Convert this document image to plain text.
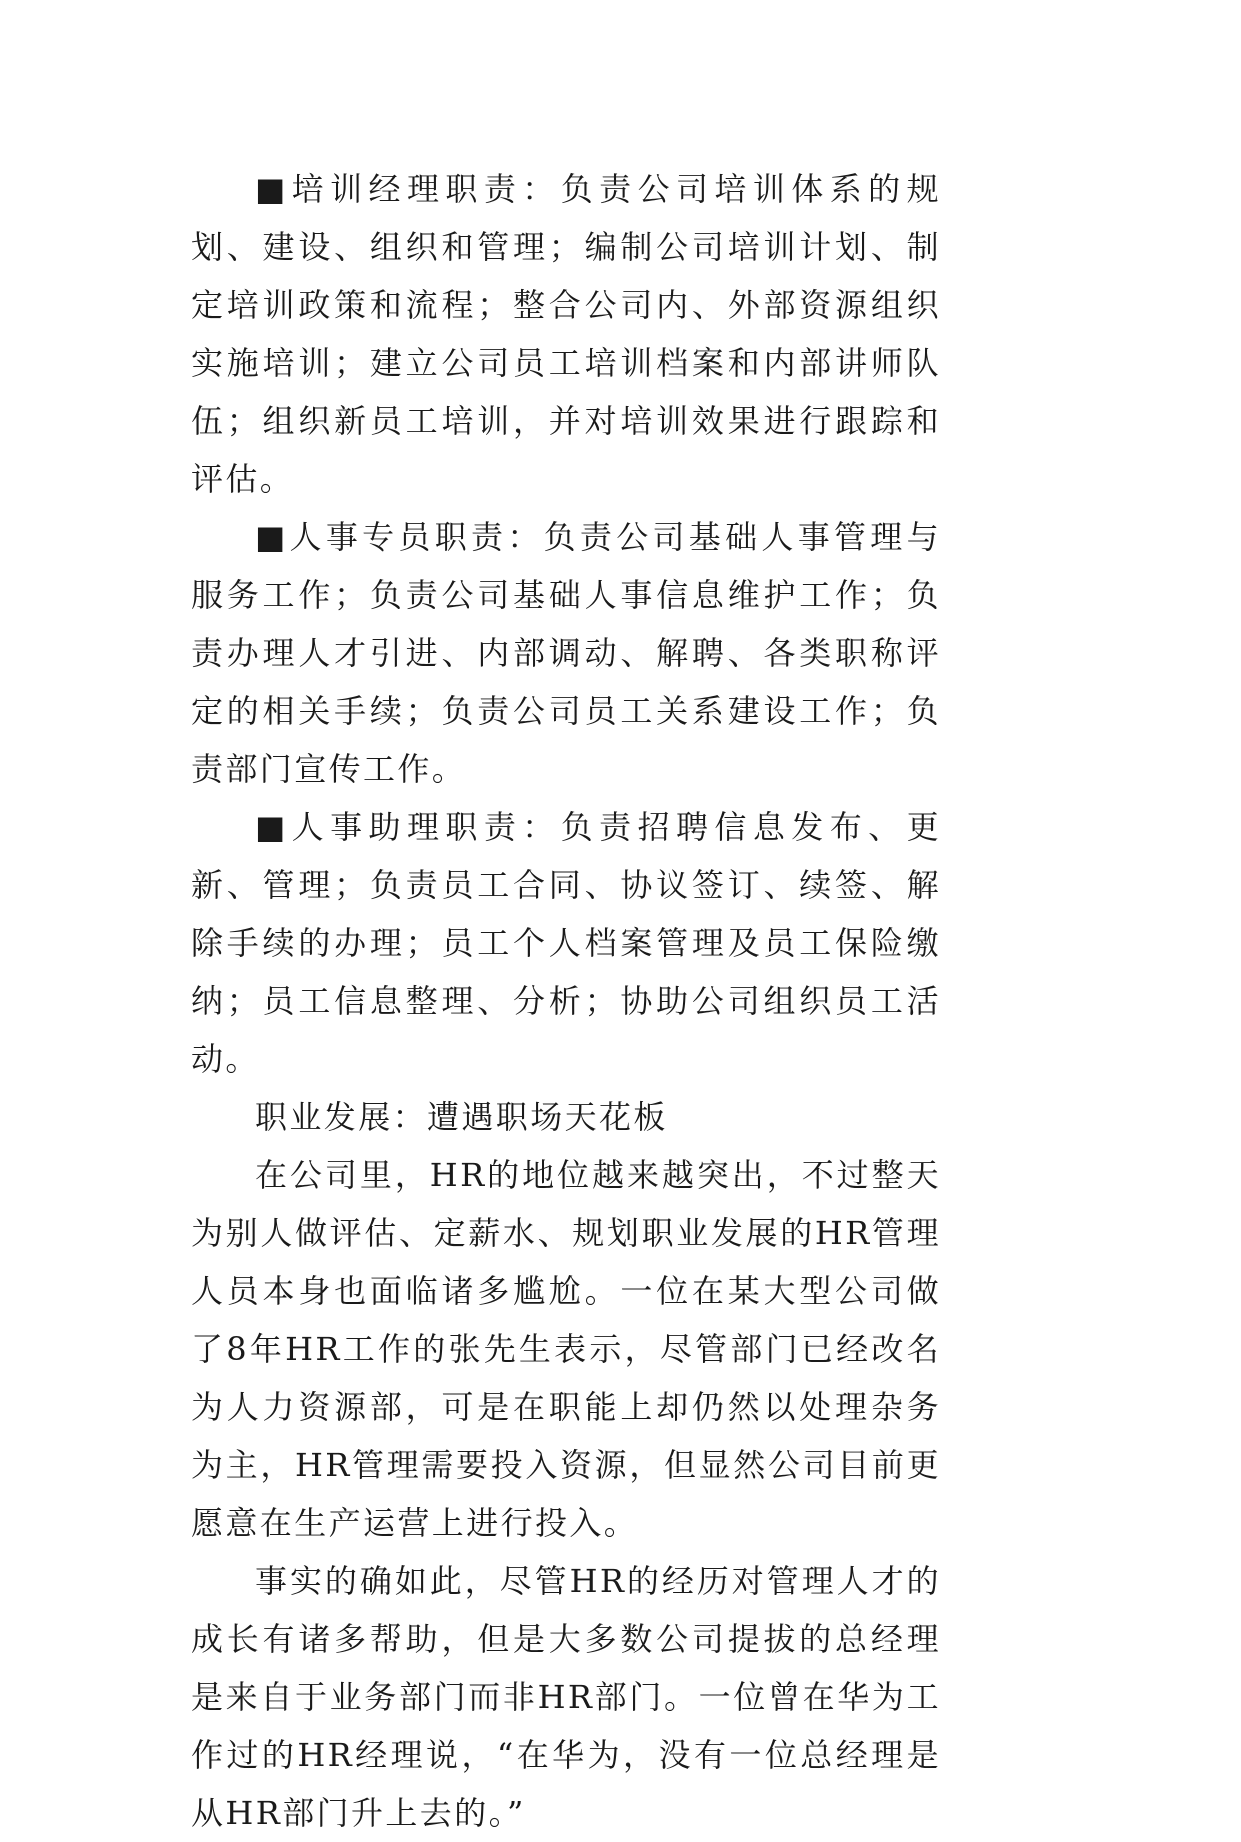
■培训经理职责：负责公司培训体系的规划、建设、组织和管理；编制公司培训计划、制定培训政策和流程；整合公司内、外部资源组织实施培训；建立公司员工培训档案和内部讲师队伍；组织新员工培训，并对培训效果进行跟踪和评估。

■人事专员职责：负责公司基础人事管理与服务工作；负责公司基础人事信息维护工作；负责办理人才引进、内部调动、解聘、各类职称评定的相关手续；负责公司员工关系建设工作；负责部门宣传工作。

■人事助理职责：负责招聘信息发布、更新、管理；负责员工合同、协议签订、续签、解除手续的办理；员工个人档案管理及员工保险缴纳；员工信息整理、分析；协助公司组织员工活动。

职业发展：遭遇职场天花板

在公司里，HR的地位越来越突出，不过整天为别人做评估、定薪水、规划职业发展的HR管理人员本身也面临诸多尴尬。一位在某大型公司做了8年HR工作的张先生表示，尽管部门已经改名为人力资源部，可是在职能上却仍然以处理杂务为主，HR管理需要投入资源，但显然公司目前更愿意在生产运营上进行投入。

事实的确如此，尽管HR的经历对管理人才的成长有诸多帮助，但是大多数公司提拔的总经理是来自于业务部门而非HR部门。一位曾在华为工作过的HR经理说，“在华为，没有一位总经理是从HR部门升上去的。”
